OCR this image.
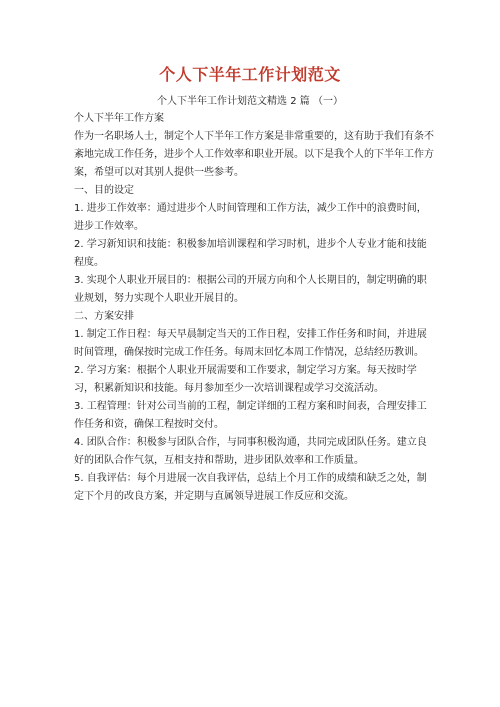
个人下半年工作计划范文
个人下半年工作计划范文精选 2 篇 （一）

个人下半年工作方案

作为一名职场人士，制定个人下半年工作方案是非常重要的，这有助于我们有条不紊地完成工作任务，进步个人工作效率和职业开展。以下是我个人的下半年工作方案，希望可以对其别人提供一些参考。

一、目的设定

1. 进步工作效率：通过进步个人时间管理和工作方法，减少工作中的浪费时间，进步工作效率。

2. 学习新知识和技能：积极参加培训课程和学习时机，进步个人专业才能和技能程度。

3. 实现个人职业开展目的：根据公司的开展方向和个人长期目的，制定明确的职业规划，努力实现个人职业开展目的。

二、方案安排

1. 制定工作日程：每天早晨制定当天的工作日程，安排工作任务和时间，并进展时间管理，确保按时完成工作任务。每周末回忆本周工作情况，总结经历教训。

2. 学习方案：根据个人职业开展需要和工作要求，制定学习方案。每天按时学习，积累新知识和技能。每月参加至少一次培训课程或学习交流活动。

3. 工程管理：针对公司当前的工程，制定详细的工程方案和时间表，合理安排工作任务和资，确保工程按时交付。

4. 团队合作：积极参与团队合作，与同事积极沟通，共同完成团队任务。建立良好的团队合作气氛，互相支持和帮助，进步团队效率和工作质量。

5. 自我评估：每个月进展一次自我评估，总结上个月工作的成绩和缺乏之处，制定下个月的改良方案，并定期与直属领导进展工作反应和交流。
